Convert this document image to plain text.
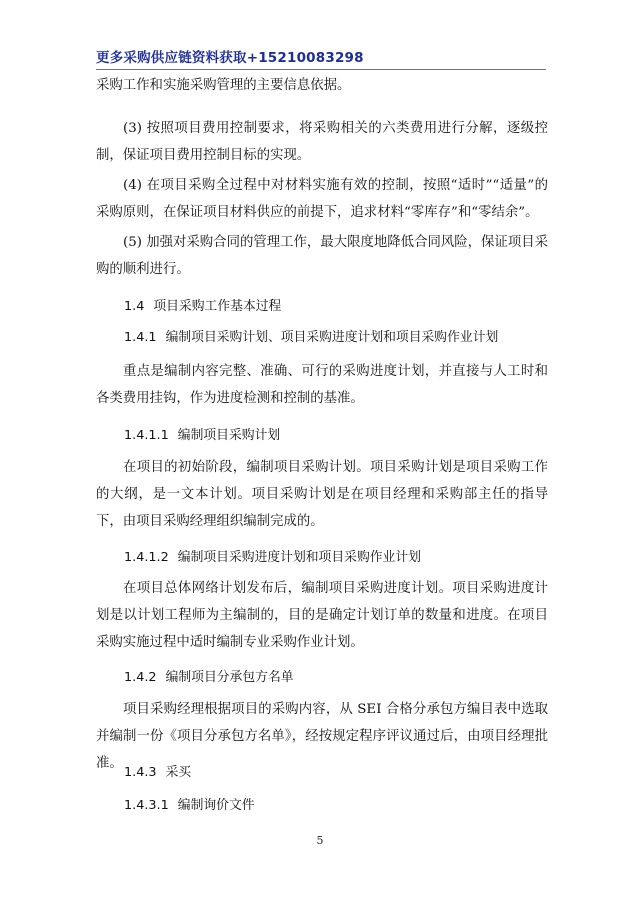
更多采购供应链资料获取+15210083298
采购工作和实施采购管理的主要信息依据。
(3) 按照项目费用控制要求，将采购相关的六类费用进行分解，逐级控制，保证项目费用控制目标的实现。
(4) 在项目采购全过程中对材料实施有效的控制，按照“适时”“适量”的采购原则，在保证项目材料供应的前提下，追求材料“零库存”和“零结余”。
(5) 加强对采购合同的管理工作，最大限度地降低合同风险，保证项目采购的顺利进行。
1.4 项目采购工作基本过程
1.4.1 编制项目采购计划、项目采购进度计划和项目采购作业计划
重点是编制内容完整、准确、可行的采购进度计划，并直接与人工时和各类费用挂钩，作为进度检测和控制的基准。
1.4.1.1 编制项目采购计划
在项目的初始阶段，编制项目采购计划。项目采购计划是项目采购工作的大纲，是一文本计划。项目采购计划是在项目经理和采购部主任的指导下，由项目采购经理组织编制完成的。
1.4.1.2 编制项目采购进度计划和项目采购作业计划
在项目总体网络计划发布后，编制项目采购进度计划。项目采购进度计划是以计划工程师为主编制的，目的是确定计划订单的数量和进度。在项目采购实施过程中适时编制专业采购作业计划。
1.4.2 编制项目分承包方名单
项目采购经理根据项目的采购内容，从 SEI 合格分承包方编目表中选取并编制一份《项目分承包方名单》，经按规定程序评议通过后，由项目经理批准。
1.4.3 采买
1.4.3.1 编制询价文件
5
